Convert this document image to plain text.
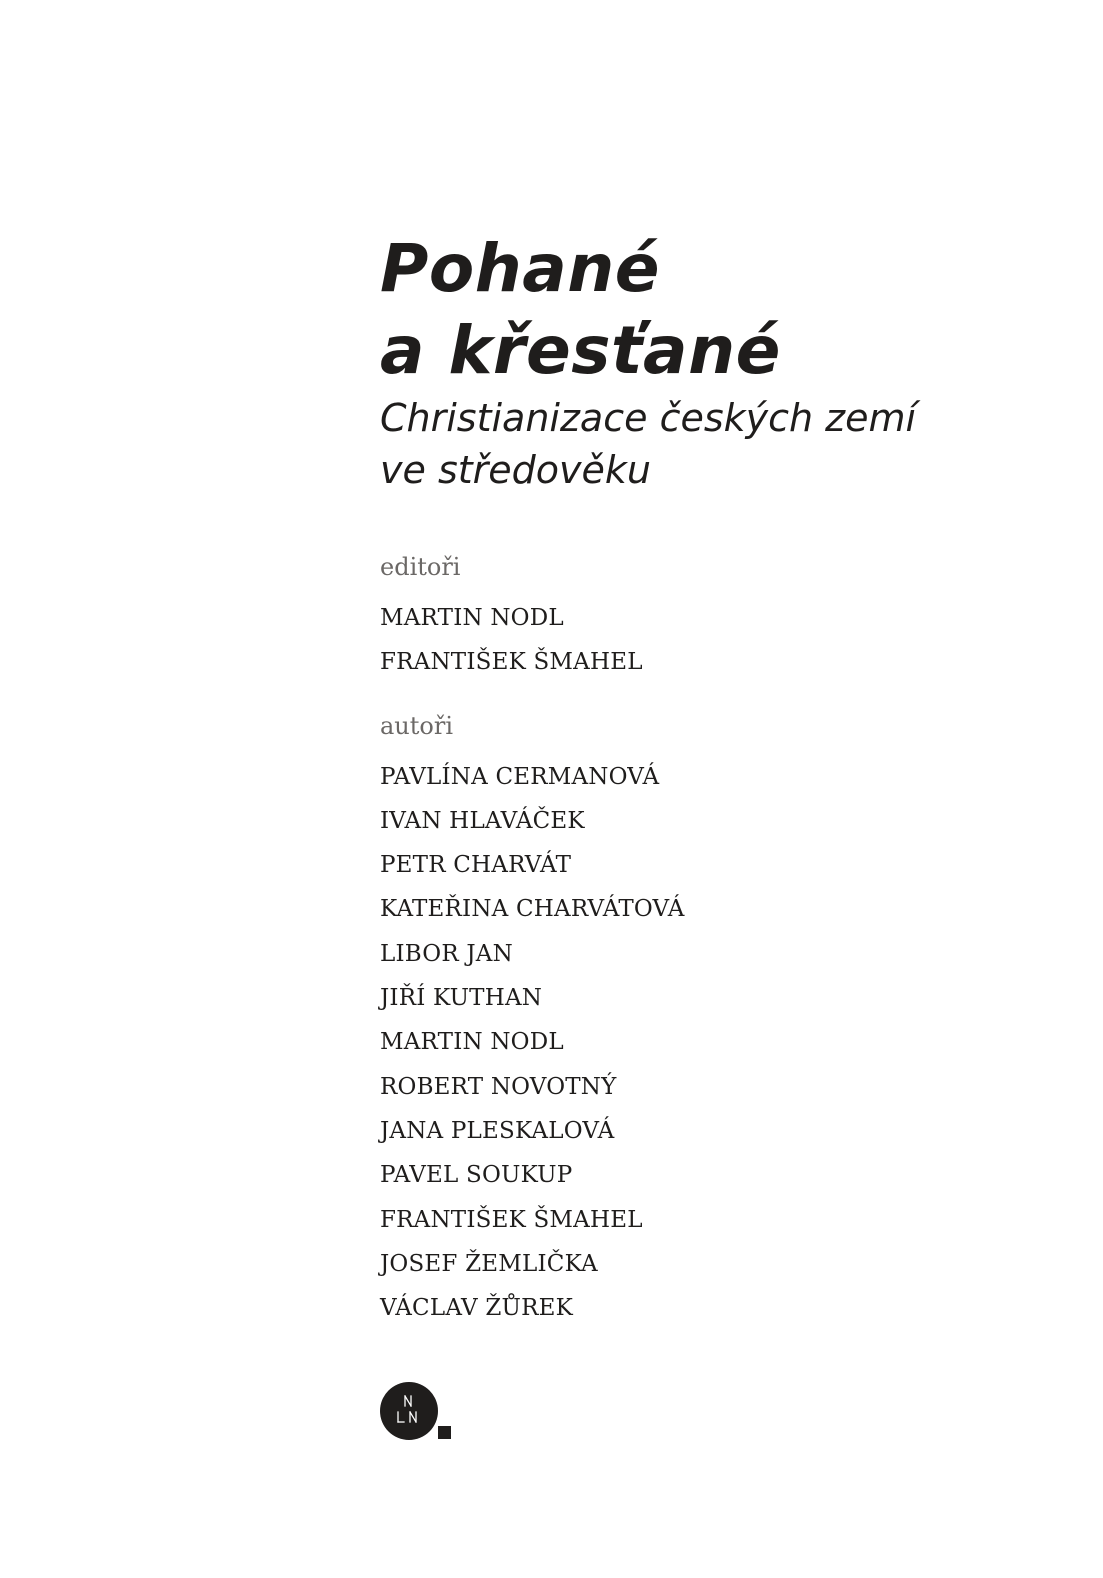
Pohané
a křesťané
Christianizace českých zemí
ve středověku
editoři
MARTIN NODL
FRANTIŠEK ŠMAHEL
autoři
PAVLÍNA CERMANOVÁ
IVAN HLAVÁČEK
PETR CHARVÁT
KATEŘINA CHARVÁTOVÁ
LIBOR JAN
JIŘÍ KUTHAN
MARTIN NODL
ROBERT NOVOTNÝ
JANA PLESKALOVÁ
PAVEL SOUKUP
FRANTIŠEK ŠMAHEL
JOSEF ŽEMLIČKA
VÁCLAV ŽŮREK
